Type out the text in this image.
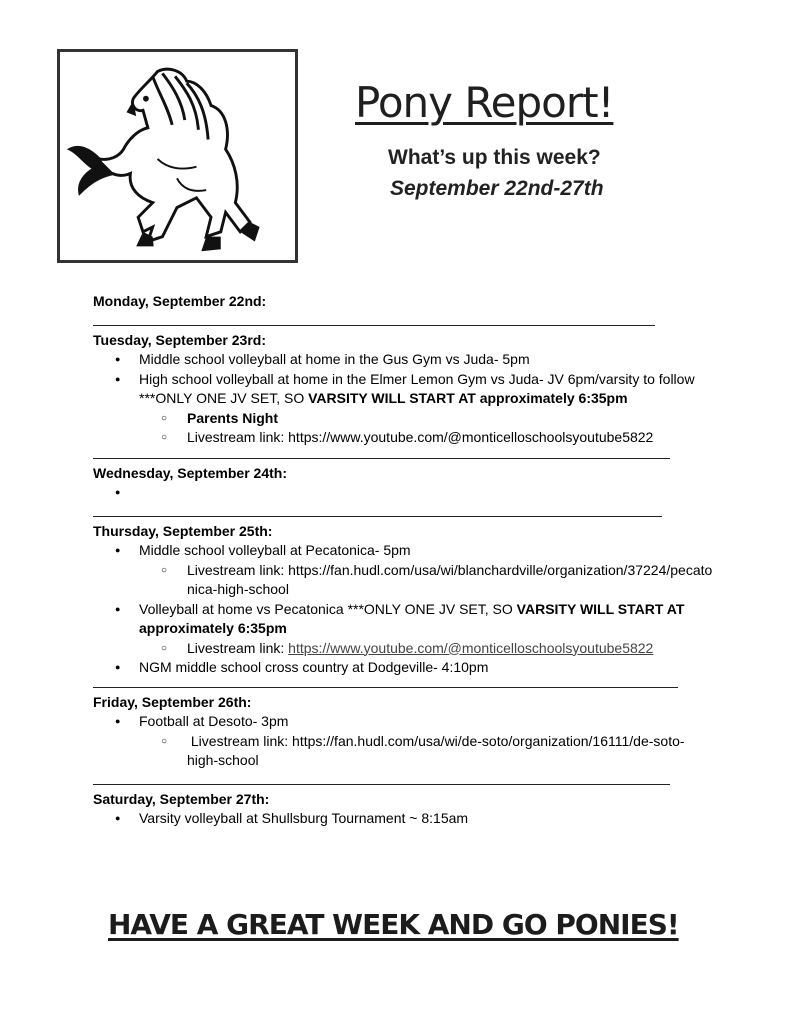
Pony Report!
What’s up this week?
September 22nd-27th
Monday, September 22nd:
Tuesday, September 23rd:
● Middle school volleyball at home in the Gus Gym vs Juda- 5pm
● High school volleyball at home in the Elmer Lemon Gym vs Juda- JV 6pm/varsity to follow ***ONLY ONE JV SET, SO VARSITY WILL START AT approximately 6:35pm
○ Parents Night
○ Livestream link: https://www.youtube.com/@monticelloschoolsyoutube5822
Wednesday, September 24th:
●
Thursday, September 25th:
● Middle school volleyball at Pecatonica- 5pm
○ Livestream link: https://fan.hudl.com/usa/wi/blanchardville/organization/37224/pecatonica-high-school
● Volleyball at home vs Pecatonica ***ONLY ONE JV SET, SO VARSITY WILL START AT approximately 6:35pm
○ Livestream link: https://www.youtube.com/@monticelloschoolsyoutube5822
● NGM middle school cross country at Dodgeville- 4:10pm
Friday, September 26th:
● Football at Desoto- 3pm
○  Livestream link: https://fan.hudl.com/usa/wi/de-soto/organization/16111/de-soto-high-school
Saturday, September 27th:
● Varsity volleyball at Shullsburg Tournament ~ 8:15am
HAVE A GREAT WEEK AND GO PONIES!
